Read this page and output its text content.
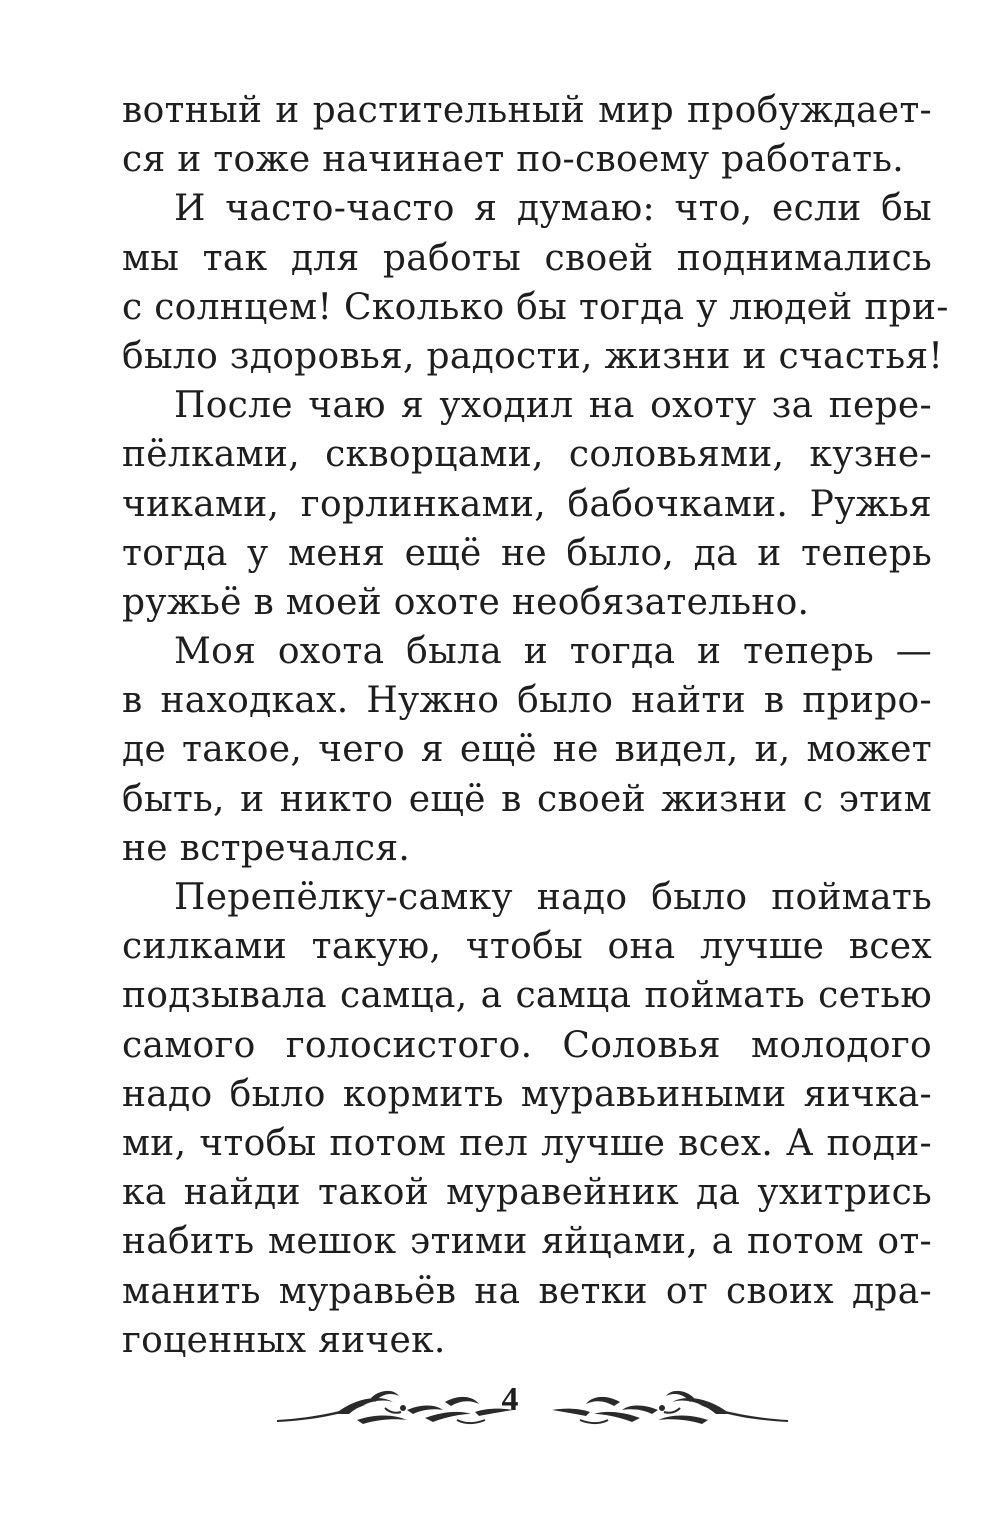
вотный и растительный мир пробуждает-
ся и тоже начинает по-своему работать.
И часто-часто я думаю: что, если бы
мы так для работы своей поднимались
с солнцем! Сколько бы тогда у людей при-
было здоровья, радости, жизни и счастья!
После чаю я уходил на охоту за пере-
пёлками, скворцами, соловьями, кузне-
чиками, горлинками, бабочками. Ружья
тогда у меня ещё не было, да и теперь
ружьё в моей охоте необязательно.
Моя охота была и тогда и теперь —
в находках. Нужно было найти в приро-
де такое, чего я ещё не видел, и, может
быть, и никто ещё в своей жизни с этим
не встречался.
Перепёлку-самку надо было поймать
силками такую, чтобы она лучше всех
подзывала самца, а самца поймать сетью
самого голосистого. Соловья молодого
надо было кормить муравьиными яичка-
ми, чтобы потом пел лучше всех. А поди-
ка найди такой муравейник да ухитрись
набить мешок этими яйцами, а потом от-
манить муравьёв на ветки от своих дра-
гоценных яичек.
4
